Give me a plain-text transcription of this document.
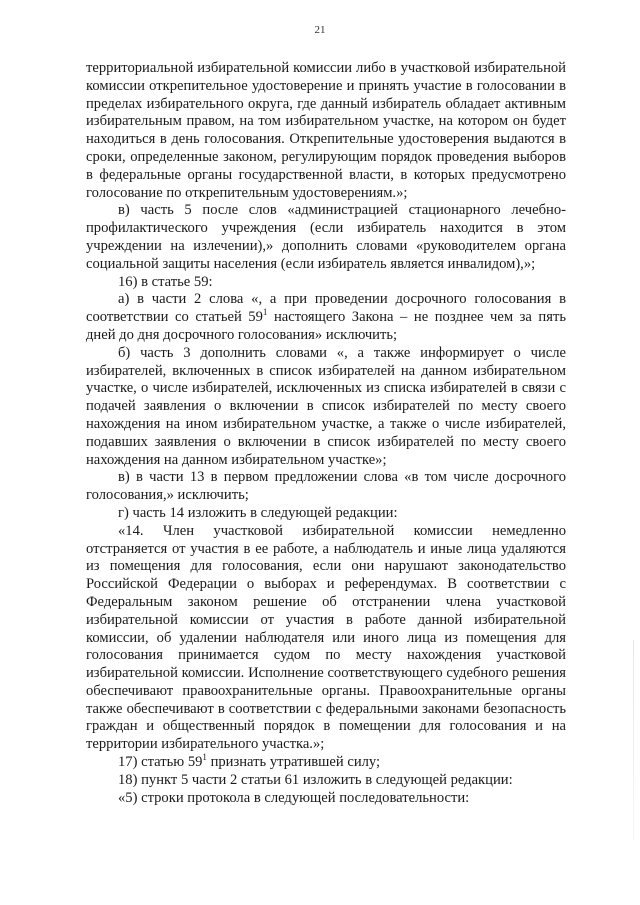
21

территориальной избирательной комиссии либо в участковой избирательной комиссии открепительное удостоверение и принять участие в голосовании в пределах избирательного округа, где данный избиратель обладает активным избирательным правом, на том избирательном участке, на котором он будет находиться в день голосования. Открепительные удостоверения выдаются в сроки, определенные законом, регулирующим порядок проведения выборов в федеральные органы государственной власти, в которых предусмотрено голосование по открепительным удостоверениям.»;

в) часть 5 после слов «администрацией стационарного лечебно-профилактического учреждения (если избиратель находится в этом учреждении на излечении),» дополнить словами «руководителем органа социальной защиты населения (если избиратель является инвалидом),»;

16) в статье 59:

а) в части 2 слова «, а при проведении досрочного голосования в соответствии со статьей $59^1$ настоящего Закона – не позднее чем за пять дней до дня досрочного голосования» исключить;

б) часть 3 дополнить словами «, а также информирует о числе избирателей, включенных в список избирателей на данном избирательном участке, о числе избирателей, исключенных из списка избирателей в связи с подачей заявления о включении в список избирателей по месту своего нахождения на ином избирательном участке, а также о числе избирателей, подавших заявления о включении в список избирателей по месту своего нахождения на данном избирательном участке»;

в) в части 13 в первом предложении слова «в том числе досрочного голосования,» исключить;

г) часть 14 изложить в следующей редакции:

«14. Член участковой избирательной комиссии немедленно отстраняется от участия в ее работе, а наблюдатель и иные лица удаляются из помещения для голосования, если они нарушают законодательство Российской Федерации о выборах и референдумах. В соответствии с Федеральным законом решение об отстранении члена участковой избирательной комиссии от участия в работе данной избирательной комиссии, об удалении наблюдателя или иного лица из помещения для голосования принимается судом по месту нахождения участковой избирательной комиссии. Исполнение соответствующего судебного решения обеспечивают правоохранительные органы. Правоохранительные органы также обеспечивают в соответствии с федеральными законами безопасность граждан и общественный порядок в помещении для голосования и на территории избирательного участка.»;

17) статью $59^1$ признать утратившей силу;

18) пункт 5 части 2 статьи 61 изложить в следующей редакции:

«5) строки протокола в следующей последовательности:
